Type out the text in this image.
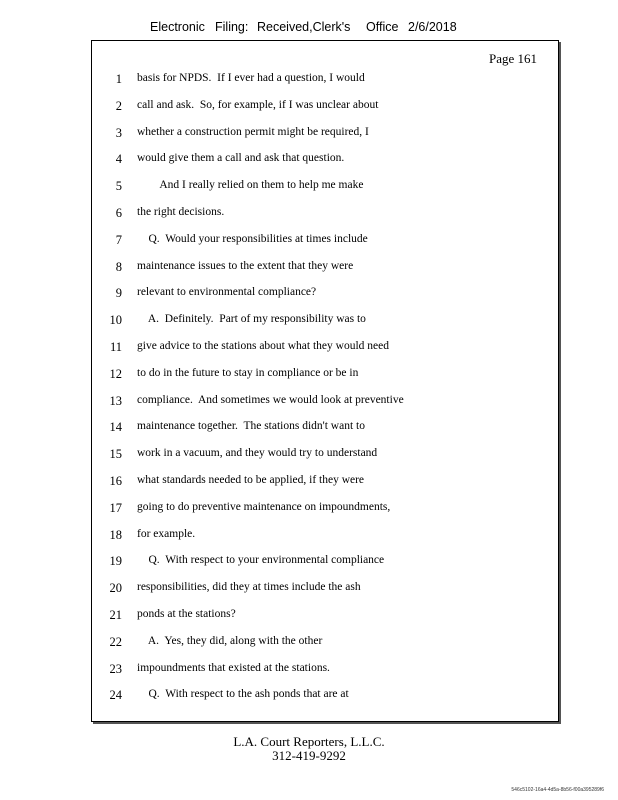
Electronic Filing: Received,Clerk's Office 2/6/2018
Page 161
1 basis for NPDS.  If I ever had a question, I would
2 call and ask.  So, for example, if I was unclear about
3 whether a construction permit might be required, I
4 would give them a call and ask that question.
5 And I really relied on them to help me make
6 the right decisions.
7 Q.  Would your responsibilities at times include
8 maintenance issues to the extent that they were
9 relevant to environmental compliance?
10 A.  Definitely.  Part of my responsibility was to
11 give advice to the stations about what they would need
12 to do in the future to stay in compliance or be in
13 compliance.  And sometimes we would look at preventive
14 maintenance together.  The stations didn't want to
15 work in a vacuum, and they would try to understand
16 what standards needed to be applied, if they were
17 going to do preventive maintenance on impoundments,
18 for example.
19 Q.  With respect to your environmental compliance
20 responsibilities, did they at times include the ash
21 ponds at the stations?
22 A.  Yes, they did, along with the other
23 impoundments that existed at the stations.
24 Q.  With respect to the ash ponds that are at
L.A. Court Reporters, L.L.C.
312-419-9292
546c5102-16a4-4d5a-8b56-f00a395289f6
